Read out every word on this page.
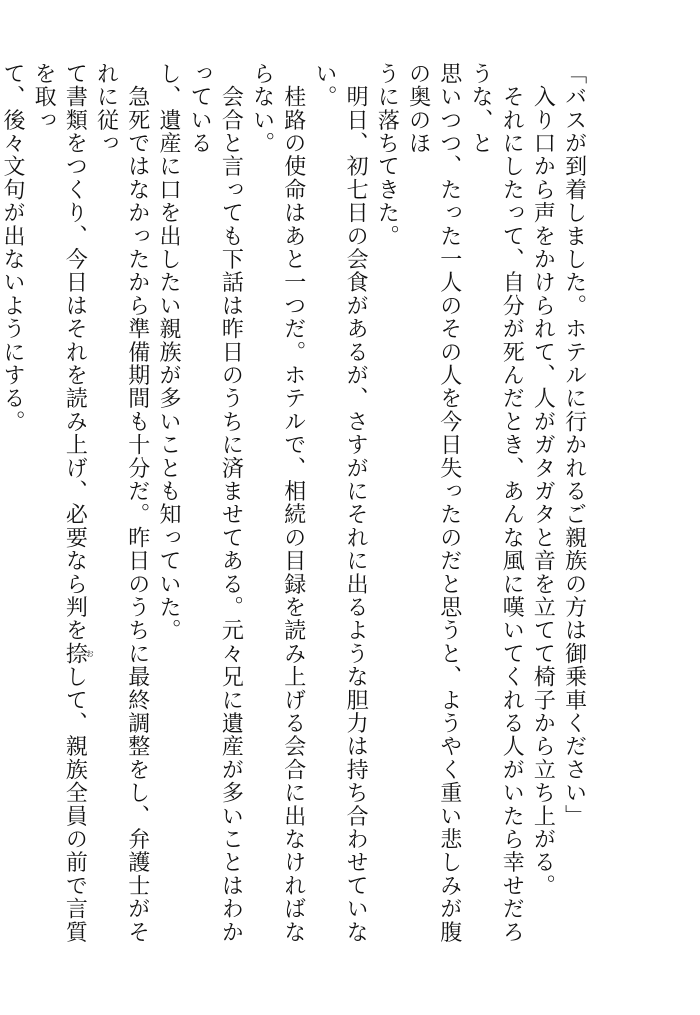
「バスが到着しました。ホテルに行かれるご親族の方は御乗車ください」
　入り口から声をかけられて、人がガタガタと音を立てて椅子から立ち上がる。
　それにしたって、自分が死んだとき、あんな風に嘆いてくれる人がいたら幸せだろうな、と
思いつつ、たった一人のその人を今日失ったのだと思うと、ようやく重い悲しみが腹の奥のほ
うに落ちてきた。
　明日、初七日の会食があるが、さすがにそれに出るような胆力は持ち合わせていない。
　桂路の使命はあと一つだ。ホテルで、相続の目録を読み上げる会合に出なければならない。
　会合と言っても下話は昨日のうちに済ませてある。元々兄に遺産が多いことはわかっている
し、遺産に口を出したい親族が多いことも知っていた。
　急死ではなかったから準備期間も十分だ。昨日のうちに最終調整をし、弁護士がそれに従っ
て書類をつくり、今日はそれを読み上げ、必要なら判を捺おして、親族全員の前で言質を取っ
て、後々文句が出ないようにする。
